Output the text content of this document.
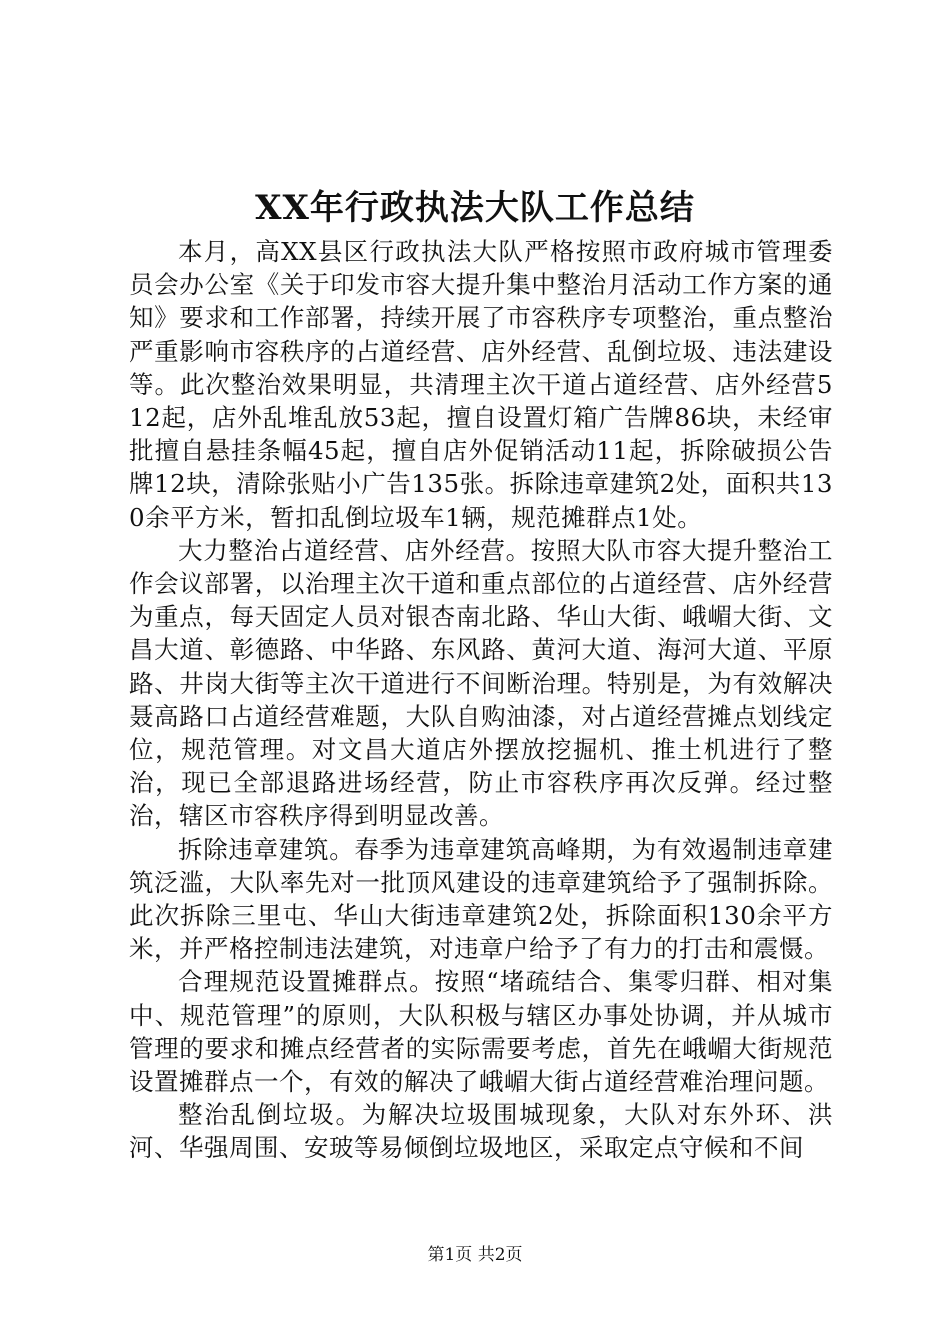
XX年行政执法大队工作总结

本月，高XX县区行政执法大队严格按照市政府城市管理委员会办公室《关于印发市容大提升集中整治月活动工作方案的通知》要求和工作部署，持续开展了市容秩序专项整治，重点整治严重影响市容秩序的占道经营、店外经营、乱倒垃圾、违法建设等。此次整治效果明显，共清理主次干道占道经营、店外经营512起，店外乱堆乱放53起，擅自设置灯箱广告牌86块，未经审批擅自悬挂条幅45起，擅自店外促销活动11起，拆除破损公告牌12块，清除张贴小广告135张。拆除违章建筑2处，面积共130余平方米，暂扣乱倒垃圾车1辆，规范摊群点1处。

大力整治占道经营、店外经营。按照大队市容大提升整治工作会议部署，以治理主次干道和重点部位的占道经营、店外经营为重点，每天固定人员对银杏南北路、华山大街、峨嵋大街、文昌大道、彰德路、中华路、东风路、黄河大道、海河大道、平原路、井岗大街等主次干道进行不间断治理。特别是，为有效解决聂高路口占道经营难题，大队自购油漆，对占道经营摊点划线定位，规范管理。对文昌大道店外摆放挖掘机、推土机进行了整治，现已全部退路进场经营，防止市容秩序再次反弹。经过整治，辖区市容秩序得到明显改善。

拆除违章建筑。春季为违章建筑高峰期，为有效遏制违章建筑泛滥，大队率先对一批顶风建设的违章建筑给予了强制拆除。此次拆除三里屯、华山大街违章建筑2处，拆除面积130余平方米，并严格控制违法建筑，对违章户给予了有力的打击和震慑。

合理规范设置摊群点。按照“堵疏结合、集零归群、相对集中、规范管理”的原则，大队积极与辖区办事处协调，并从城市管理的要求和摊点经营者的实际需要考虑，首先在峨嵋大街规范设置摊群点一个，有效的解决了峨嵋大街占道经营难治理问题。

整治乱倒垃圾。为解决垃圾围城现象，大队对东外环、洪河、华强周围、安玻等易倾倒垃圾地区，采取定点守候和不间

第1页 共2页
